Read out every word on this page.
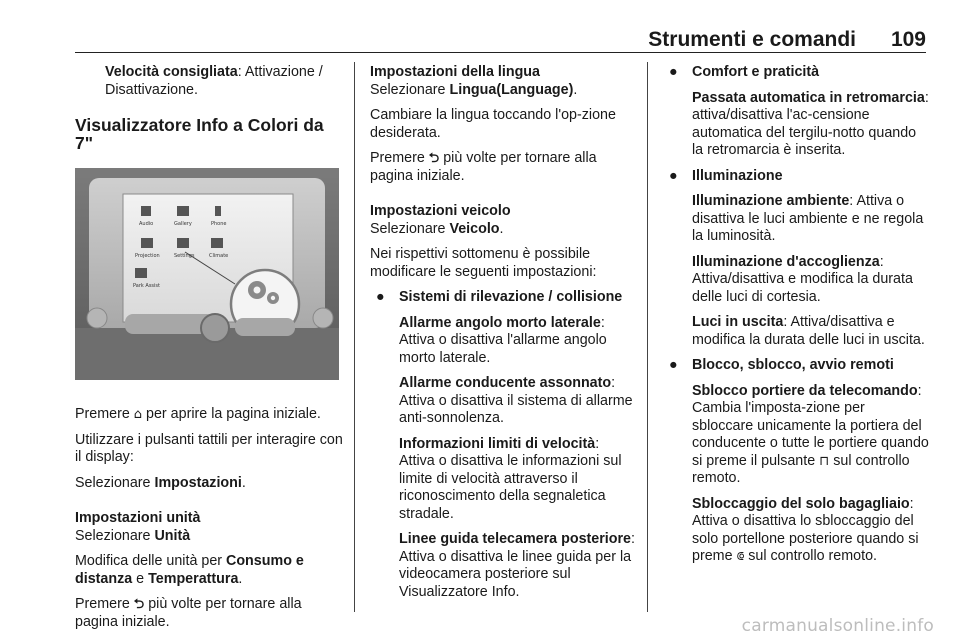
Strumenti e comandi 109

Velocità consigliata: Attivazione / Disattivazione.

Visualizzatore Info a Colori da 7"
Audio	Gallery	Phone
Projection	Settings	Climate
Park Assist

Premere ⌂ per aprire la pagina iniziale.

Utilizzare i pulsanti tattili per interagire con il display:

Selezionare Impostazioni.

Impostazioni unità

Selezionare Unità

Modifica delle unità per Consumo e distanza e Temperattura.

Premere ⮌ più volte per tornare alla pagina iniziale.

Impostazioni della lingua

Selezionare Lingua(Language).

Cambiare la lingua toccando l'op-zione desiderata.

Premere ⮌ più volte per tornare alla pagina iniziale.

Impostazioni veicolo

Selezionare Veicolo.

Nei rispettivi sottomenu è possibile modificare le seguenti impostazioni:

● Sistemi di rilevazione / collisione

Allarme angolo morto laterale: Attiva o disattiva l'allarme angolo morto laterale.

Allarme conducente assonnato: Attiva o disattiva il sistema di allarme anti-sonnolenza.

Informazioni limiti di velocità: Attiva o disattiva le informazioni sul limite di velocità attraverso il riconoscimento della segnaletica stradale.

Linee guida telecamera posteriore: Attiva o disattiva le linee guida per la videocamera posteriore sul Visualizzatore Info.

● Comfort e praticità

Passata automatica in retromarcia: attiva/disattiva l'ac-censione automatica del tergilu-notto quando la retromarcia è inserita.

● Illuminazione

Illuminazione ambiente: Attiva o disattiva le luci ambiente e ne regola la luminosità.

Illuminazione d'accoglienza: Attiva/disattiva e modifica la durata delle luci di cortesia.

Luci in uscita: Attiva/disattiva e modifica la durata delle luci in uscita.

● Blocco, sblocco, avvio remoti

Sblocco portiere da telecomando: Cambia l'imposta-zione per sbloccare unicamente la portiera del conducente o tutte le portiere quando si preme il pulsante ⊓ sul controllo remoto.

Sbloccaggio del solo bagagliaio: Attiva o disattiva lo sbloccaggio del solo portellone posteriore quando si preme ⟃ sul controllo remoto.

carmanualsonline.info
